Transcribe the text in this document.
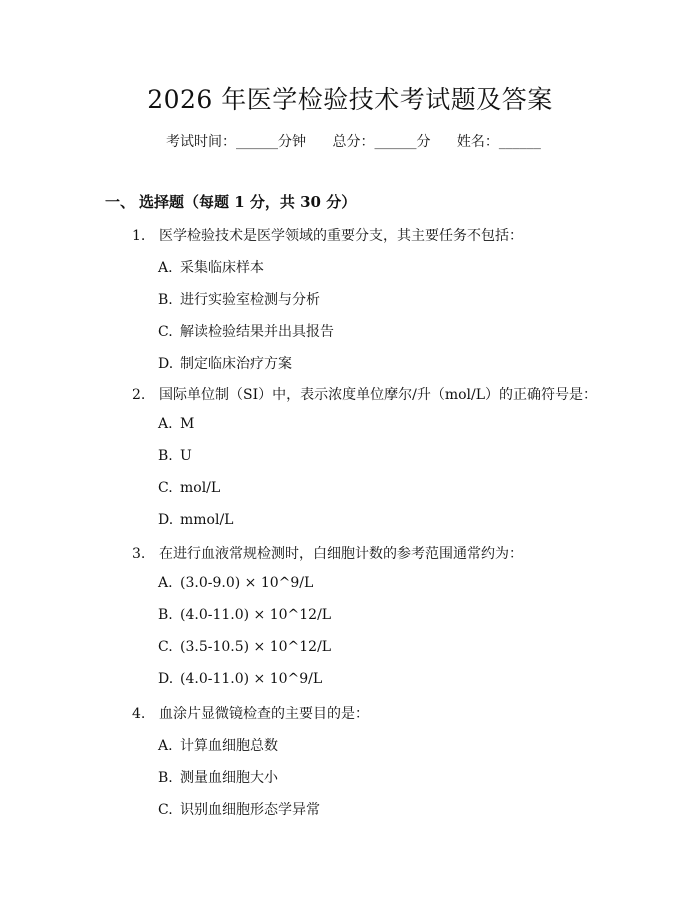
2026 年医学检验技术考试题及答案
考试时间：______分钟 总分：______分 姓名：______
一、 选择题（每题 1 分，共 30 分）
1. 医学检验技术是医学领域的重要分支，其主要任务不包括：
A. 采集临床样本
B. 进行实验室检测与分析
C. 解读检验结果并出具报告
D. 制定临床治疗方案
2. 国际单位制（SI）中，表示浓度单位摩尔/升（mol/L）的正确符号是：
A. M
B. U
C. mol/L
D. mmol/L
3. 在进行血液常规检测时，白细胞计数的参考范围通常约为：
A. (3.0-9.0) × 10^9/L
B. (4.0-11.0) × 10^12/L
C. (3.5-10.5) × 10^12/L
D. (4.0-11.0) × 10^9/L
4. 血涂片显微镜检查的主要目的是：
A. 计算血细胞总数
B. 测量血细胞大小
C. 识别血细胞形态学异常
